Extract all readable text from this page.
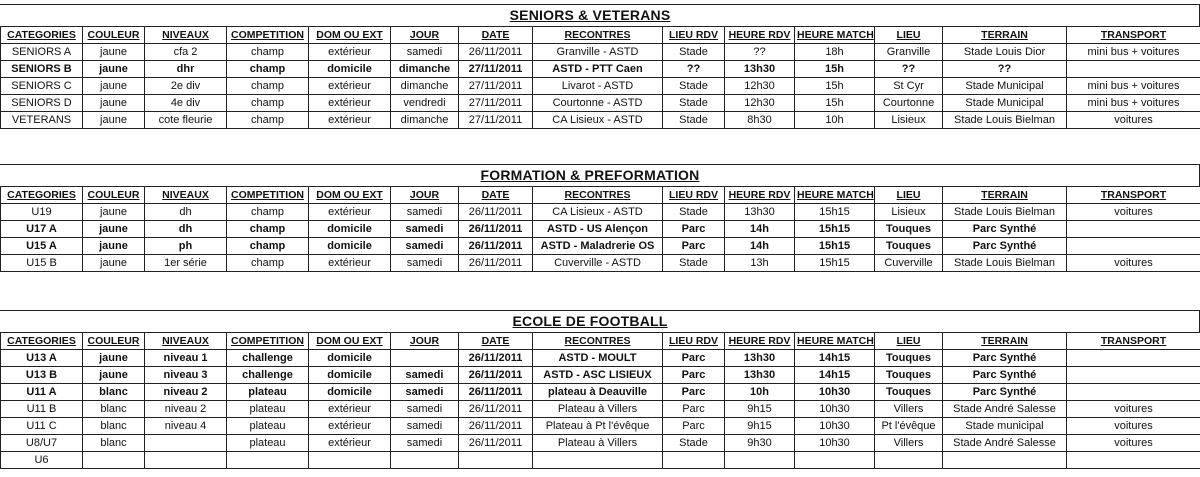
SENIORS & VETERANS
CATEGORIES	COULEUR	NIVEAUX	COMPETITION	DOM OU EXT	JOUR	DATE	RECONTRES	LIEU RDV	HEURE RDV	HEURE MATCH	LIEU	TERRAIN	TRANSPORT
SENIORS A	jaune	cfa 2	champ	extérieur	samedi	26/11/2011	Granville - ASTD	Stade	??	18h	Granville	Stade Louis Dior	mini bus + voitures
SENIORS B	jaune	dhr	champ	domicile	dimanche	27/11/2011	ASTD - PTT Caen	??	13h30	15h	??	??	
SENIORS C	jaune	2e div	champ	extérieur	dimanche	27/11/2011	Livarot - ASTD	Stade	12h30	15h	St Cyr	Stade Municipal	mini bus + voitures
SENIORS D	jaune	4e div	champ	extérieur	vendredi	27/11/2011	Courtonne - ASTD	Stade	12h30	15h	Courtonne	Stade Municipal	mini bus + voitures
VETERANS	jaune	cote fleurie	champ	extérieur	dimanche	27/11/2011	CA Lisieux - ASTD	Stade	8h30	10h	Lisieux	Stade Louis Bielman	voitures
FORMATION & PREFORMATION
CATEGORIES	COULEUR	NIVEAUX	COMPETITION	DOM OU EXT	JOUR	DATE	RECONTRES	LIEU RDV	HEURE RDV	HEURE MATCH	LIEU	TERRAIN	TRANSPORT
U19	jaune	dh	champ	extérieur	samedi	26/11/2011	CA Lisieux - ASTD	Stade	13h30	15h15	Lisieux	Stade Louis Bielman	voitures
U17 A	jaune	dh	champ	domicile	samedi	26/11/2011	ASTD - US Alençon	Parc	14h	15h15	Touques	Parc Synthé	
U15 A	jaune	ph	champ	domicile	samedi	26/11/2011	ASTD - Maladrerie OS	Parc	14h	15h15	Touques	Parc Synthé	
U15 B	jaune	1er série	champ	extérieur	samedi	26/11/2011	Cuverville - ASTD	Stade	13h	15h15	Cuverville	Stade Louis Bielman	voitures
ECOLE DE FOOTBALL
CATEGORIES	COULEUR	NIVEAUX	COMPETITION	DOM OU EXT	JOUR	DATE	RECONTRES	LIEU RDV	HEURE RDV	HEURE MATCH	LIEU	TERRAIN	TRANSPORT
U13 A	jaune	niveau 1	challenge	domicile		26/11/2011	ASTD - MOULT	Parc	13h30	14h15	Touques	Parc Synthé	
U13 B	jaune	niveau 3	challenge	domicile	samedi	26/11/2011	ASTD - ASC LISIEUX	Parc	13h30	14h15	Touques	Parc Synthé	
U11 A	blanc	niveau 2	plateau	domicile	samedi	26/11/2011	plateau à Deauville	Parc	10h	10h30	Touques	Parc Synthé	
U11 B	blanc	niveau 2	plateau	extérieur	samedi	26/11/2011	Plateau à Villers	Parc	9h15	10h30	Villers	Stade André Salesse	voitures
U11 C	blanc	niveau 4	plateau	extérieur	samedi	26/11/2011	Plateau à Pt l'évêque	Parc	9h15	10h30	Pt l'évêque	Stade municipal	voitures
U8/U7	blanc		plateau	extérieur	samedi	26/11/2011	Plateau à Villers	Stade	9h30	10h30	Villers	Stade André Salesse	voitures
U6													
